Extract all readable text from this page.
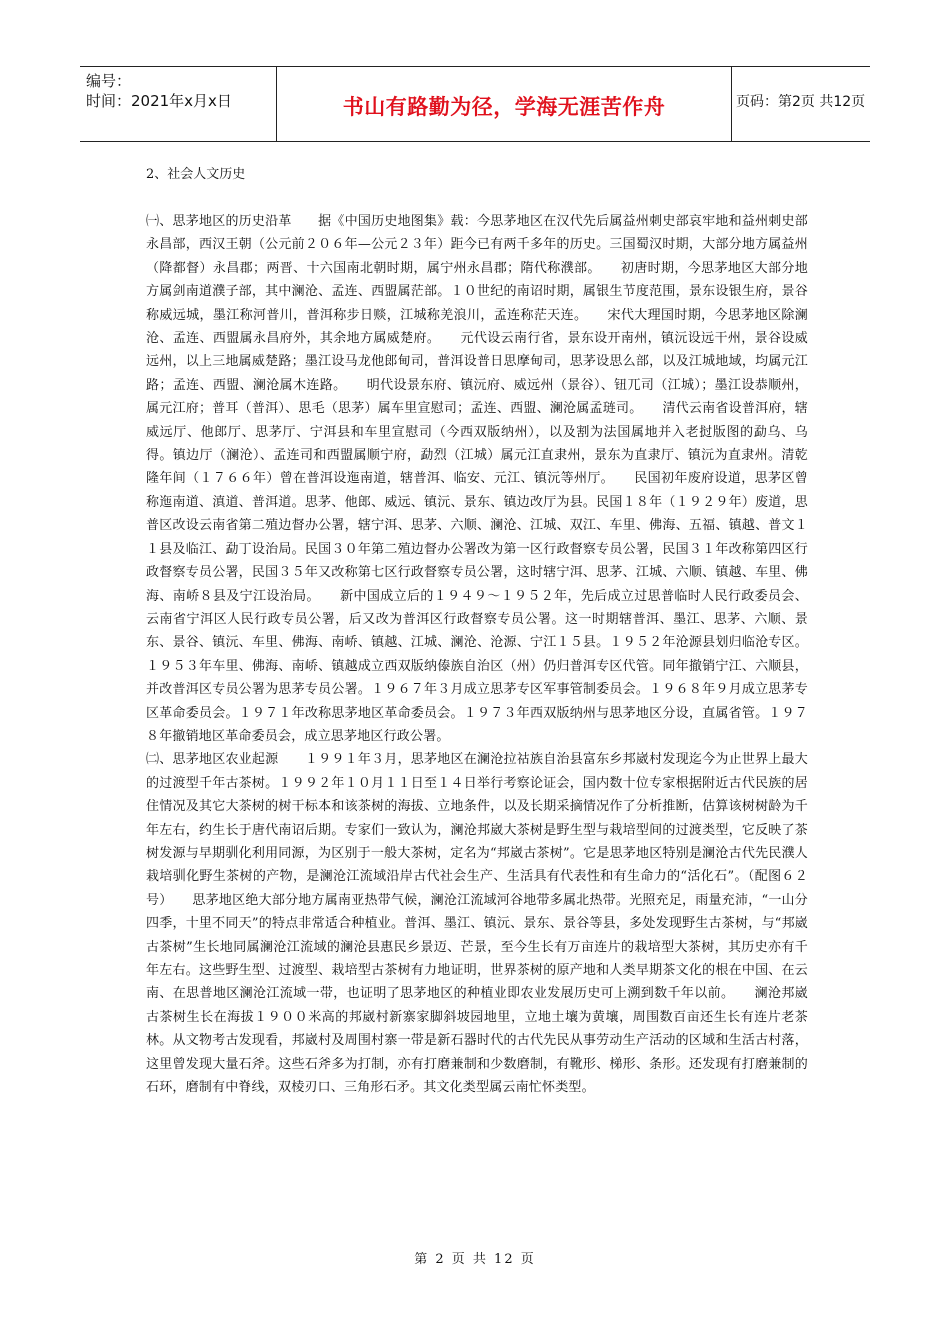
编号：
时间：2021年x月x日	书山有路勤为径，学海无涯苦作舟	页码：第2页 共12页
2、社会人文历史

㈠、思茅地区的历史沿革　　据《中国历史地图集》载：今思茅地区在汉代先后属益州刺史部哀牢地和益州刺史部永昌部，西汉王朝（公元前２０６年—公元２３年）距今已有两千多年的历史。三国蜀汉时期，大部分地方属益州（降都督）永昌郡；两晋、十六国南北朝时期，属宁州永昌郡；隋代称濮部。　　初唐时期，今思茅地区大部分地方属剑南道濮子部，其中澜沧、孟连、西盟属茫部。１０世纪的南诏时期，属银生节度范围，景东设银生府，景谷称威远城，墨江称河普川，普洱称步日赕，江城称羌浪川，孟连称茫天连。　　宋代大理国时期，今思茅地区除澜沧、孟连、西盟属永昌府外，其余地方属威楚府。　　元代设云南行省，景东设开南州，镇沅设远干州，景谷设威远州，以上三地属威楚路；墨江设马龙他郎甸司，普洱设普日思摩甸司，思茅设思么部，以及江城地域，均属元江路；孟连、西盟、澜沧属木连路。　　明代设景东府、镇沅府、威远州（景谷）、钮兀司（江城）；墨江设恭顺州，属元江府；普耳（普洱）、思毛（思茅）属车里宣慰司；孟连、西盟、澜沧属孟琏司。　　清代云南省设普洱府，辖威远厅、他郎厅、思茅厅、宁洱县和车里宣慰司（今西双版纳州），以及割为法国属地并入老挝版图的勐乌、乌得。镇边厅（澜沧）、孟连司和西盟属顺宁府，勐烈（江城）属元江直隶州，景东为直隶厅、镇沅为直隶州。清乾隆年间（１７６６年）曾在普洱设迤南道，辖普洱、临安、元江、镇沅等州厅。　　民国初年废府设道，思茅区曾称迤南道、滇道、普洱道。思茅、他郎、威远、镇沅、景东、镇边改厅为县。民国１８年（１９２９年）废道，思普区改设云南省第二殖边督办公署，辖宁洱、思茅、六顺、澜沧、江城、双江、车里、佛海、五福、镇越、普文１１县及临江、勐丁设治局。民国３０年第二殖边督办公署改为第一区行政督察专员公署，民国３１年改称第四区行政督察专员公署，民国３５年又改称第七区行政督察专员公署，这时辖宁洱、思茅、江城、六顺、镇越、车里、佛海、南峤８县及宁江设治局。　　新中国成立后的１９４９～１９５２年，先后成立过思普临时人民行政委员会、云南省宁洱区人民行政专员公署，后又改为普洱区行政督察专员公署。这一时期辖普洱、墨江、思茅、六顺、景东、景谷、镇沅、车里、佛海、南峤、镇越、江城、澜沧、沧源、宁江１５县。１９５２年沧源县划归临沧专区。１９５３年车里、佛海、南峤、镇越成立西双版纳傣族自治区（州）仍归普洱专区代管。同年撤销宁江、六顺县，并改普洱区专员公署为思茅专员公署。１９６７年３月成立思茅专区军事管制委员会。１９６８年９月成立思茅专区革命委员会。１９７１年改称思茅地区革命委员会。１９７３年西双版纳州与思茅地区分设，直属省管。１９７８年撤销地区革命委员会，成立思茅地区行政公署。

㈡、思茅地区农业起源　　１９９１年３月，思茅地区在澜沧拉祜族自治县富东乡邦崴村发现迄今为止世界上最大的过渡型千年古茶树。１９９２年１０月１１日至１４日举行考察论证会，国内数十位专家根据附近古代民族的居住情况及其它大茶树的树干标本和该茶树的海拔、立地条件，以及长期采摘情况作了分析推断，估算该树树龄为千年左右，约生长于唐代南诏后期。专家们一致认为，澜沧邦崴大茶树是野生型与栽培型间的过渡类型，它反映了茶树发源与早期驯化利用同源，为区别于一般大茶树，定名为“邦崴古茶树”。它是思茅地区特别是澜沧古代先民濮人栽培驯化野生茶树的产物，是澜沧江流域沿岸古代社会生产、生活具有代表性和有生命力的“活化石”。（配图６２号）　　思茅地区绝大部分地方属南亚热带气候，澜沧江流域河谷地带多属北热带。光照充足，雨量充沛，“一山分四季，十里不同天”的特点非常适合种植业。普洱、墨江、镇沅、景东、景谷等县，多处发现野生古茶树，与“邦崴古茶树”生长地同属澜沧江流域的澜沧县惠民乡景迈、芒景，至今生长有万亩连片的栽培型大茶树，其历史亦有千年左右。这些野生型、过渡型、栽培型古茶树有力地证明，世界茶树的原产地和人类早期茶文化的根在中国、在云南、在思普地区澜沧江流域一带，也证明了思茅地区的种植业即农业发展历史可上溯到数千年以前。　　澜沧邦崴古茶树生长在海拔１９００米高的邦崴村新寨家脚斜坡园地里，立地土壤为黄壤，周围数百亩还生长有连片老茶林。从文物考古发现看，邦崴村及周围村寨一带是新石器时代的古代先民从事劳动生产活动的区域和生活古村落，这里曾发现大量石斧。这些石斧多为打制，亦有打磨兼制和少数磨制，有靴形、梯形、条形。还发现有打磨兼制的石环，磨制有中脊线，双棱刃口、三角形石矛。其文化类型属云南忙怀类型。

第 2 页 共 12 页
